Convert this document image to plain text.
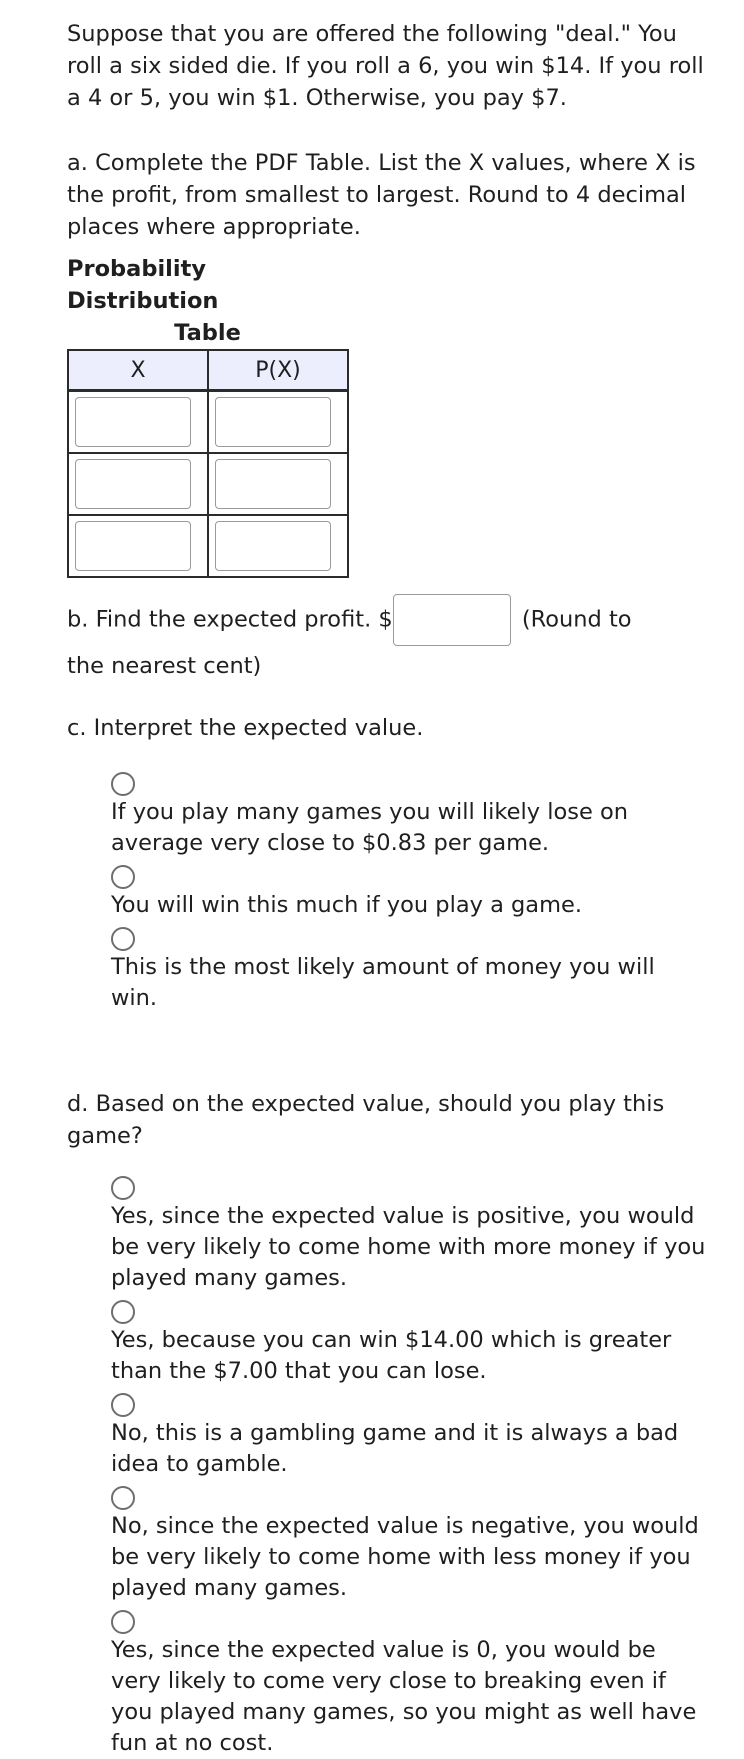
Suppose that you are offered the following "deal." You roll a six sided die. If you roll a 6, you win $14. If you roll a 4 or 5, you win $1. Otherwise, you pay $7.

a. Complete the PDF Table. List the X values, where X is the profit, from smallest to largest. Round to 4 decimal places where appropriate.

Probability Distribution
Table
X	P(X)

b. Find the expected profit. $	(Round to
the nearest cent)

c. Interpret the expected value.

If you play many games you will likely lose on average very close to $0.83 per game.
You will win this much if you play a game.
This is the most likely amount of money you will win.

d. Based on the expected value, should you play this game?

Yes, since the expected value is positive, you would be very likely to come home with more money if you played many games.
Yes, because you can win $14.00 which is greater than the $7.00 that you can lose.
No, this is a gambling game and it is always a bad idea to gamble.
No, since the expected value is negative, you would be very likely to come home with less money if you played many games.
Yes, since the expected value is 0, you would be very likely to come very close to breaking even if you played many games, so you might as well have fun at no cost.
